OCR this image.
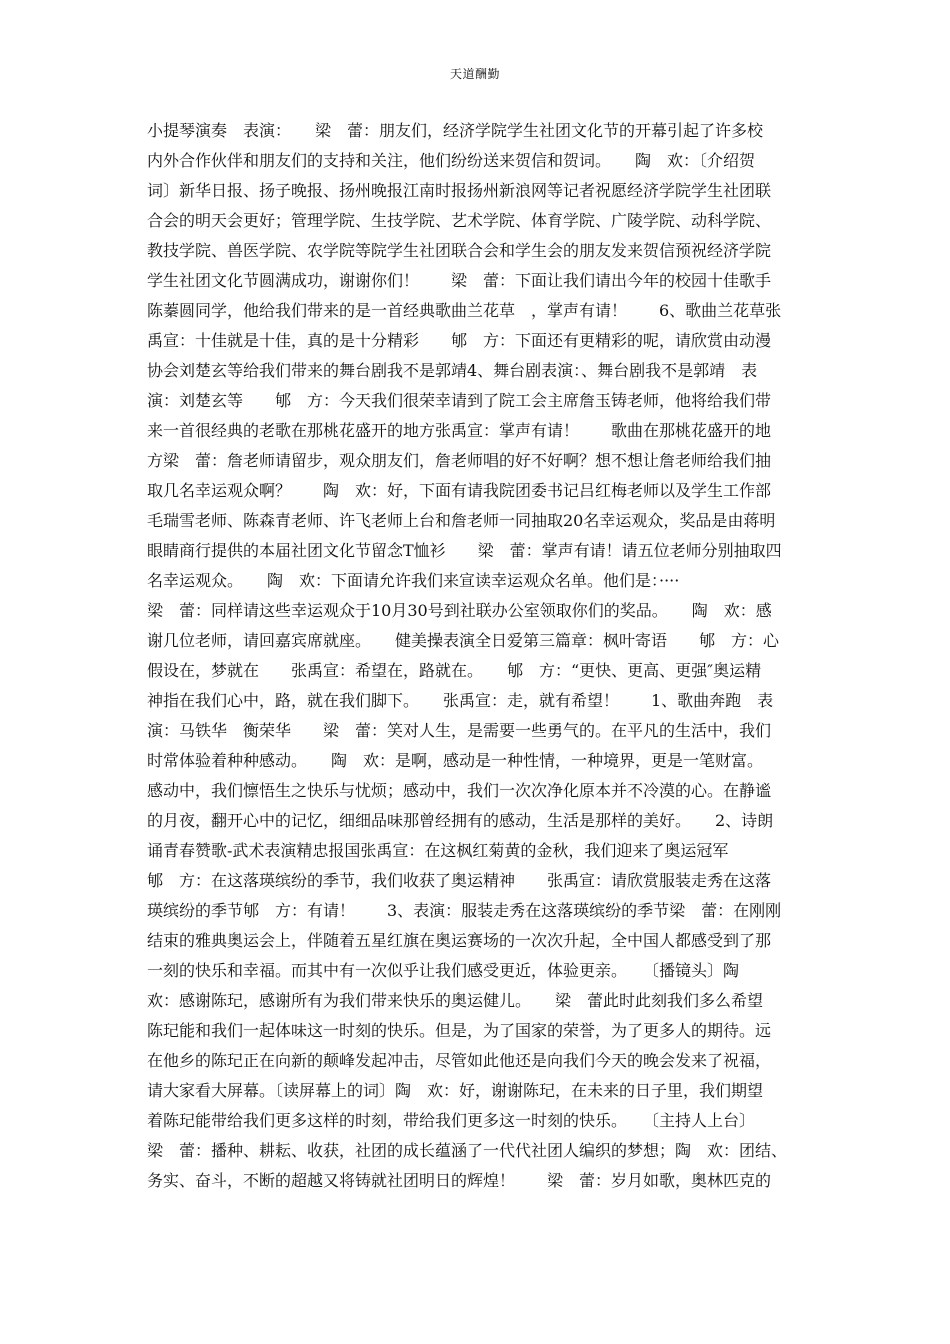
天道酬勤
小提琴演奏　表演：　　梁　蕾：朋友们，经济学院学生社团文化节的开幕引起了许多校
内外合作伙伴和朋友们的支持和关注，他们纷纷送来贺信和贺词。　　陶　欢：〔介绍贺
词〕新华日报、扬子晚报、扬州晚报江南时报扬州新浪网等记者祝愿经济学院学生社团联
合会的明天会更好；管理学院、生技学院、艺术学院、体育学院、广陵学院、动科学院、
教技学院、兽医学院、农学院等院学生社团联合会和学生会的朋友发来贺信预祝经济学院
学生社团文化节圆满成功，谢谢你们！　　梁　蕾：下面让我们请出今年的校园十佳歌手
陈蓁圆同学，他给我们带来的是一首经典歌曲兰花草　，掌声有请！　　6、歌曲兰花草张
禹宣：十佳就是十佳，真的是十分精彩　　郇　方：下面还有更精彩的呢，请欣赏由动漫
协会刘楚玄等给我们带来的舞台剧我不是郭靖4、舞台剧表演：、舞台剧我不是郭靖　表
演：刘楚玄等　　郇　方：今天我们很荣幸请到了院工会主席詹玉铸老师，他将给我们带
来一首很经典的老歌在那桃花盛开的地方张禹宣：掌声有请！　　歌曲在那桃花盛开的地
方梁　蕾：詹老师请留步，观众朋友们，詹老师唱的好不好啊？想不想让詹老师给我们抽
取几名幸运观众啊？　　陶　欢：好，下面有请我院团委书记吕红梅老师以及学生工作部
毛瑞雪老师、陈森青老师、许飞老师上台和詹老师一同抽取20名幸运观众，奖品是由蒋明
眼睛商行提供的本届社团文化节留念T恤衫　　梁　蕾：掌声有请！请五位老师分别抽取四
名幸运观众。　　陶　欢：下面请允许我们来宣读幸运观众名单。他们是：····
梁　蕾：同样请这些幸运观众于10月30号到社联办公室领取你们的奖品。　　陶　欢：感
谢几位老师，请回嘉宾席就座。　　健美操表演全日爱第三篇章：枫叶寄语　　郇　方：心
假设在，梦就在　　张禹宣：希望在，路就在。　　郇　方：“更快、更高、更强″奥运精
神指在我们心中，路，就在我们脚下。　　张禹宣：走，就有希望！　　1、歌曲奔跑　表
演：马铁华　衡荣华　　梁　蕾：笑对人生，是需要一些勇气的。在平凡的生活中，我们
时常体验着种种感动。　　陶　欢：是啊，感动是一种性情，一种境界，更是一笔财富。
感动中，我们懔悟生之快乐与忧烦；感动中，我们一次次净化原本并不冷漠的心。在静谧
的月夜，翻开心中的记忆，细细品味那曾经拥有的感动，生活是那样的美好。　　2、诗朗
诵青春赞歌-武术表演精忠报国张禹宣：在这枫红菊黄的金秋，我们迎来了奥运冠军
郇　方：在这落瑛缤纷的季节，我们收获了奥运精神　　张禹宣：请欣赏服装走秀在这落
瑛缤纷的季节郇　方：有请！　　3、表演：服装走秀在这落瑛缤纷的季节梁　蕾：在刚刚
结束的雅典奥运会上，伴随着五星红旗在奥运赛场的一次次升起，全中国人都感受到了那
一刻的快乐和幸福。而其中有一次似乎让我们感受更近，体验更亲。　　〔播镜头〕陶
欢：感谢陈玘，感谢所有为我们带来快乐的奥运健儿。　　梁　蕾此时此刻我们多么希望
陈玘能和我们一起体味这一时刻的快乐。但是，为了国家的荣誉，为了更多人的期待。远
在他乡的陈玘正在向新的颠峰发起冲击，尽管如此他还是向我们今天的晚会发来了祝福，
请大家看大屏幕。〔读屏幕上的词〕陶　欢：好，谢谢陈玘，在未来的日子里，我们期望
着陈玘能带给我们更多这样的时刻，带给我们更多这一时刻的快乐。　　〔主持人上台〕
梁　蕾：播种、耕耘、收获，社团的成长蕴涵了一代代社团人编织的梦想；陶　欢：团结、
务实、奋斗，不断的超越又将铸就社团明日的辉煌！　　梁　蕾：岁月如歌，奥林匹克的
